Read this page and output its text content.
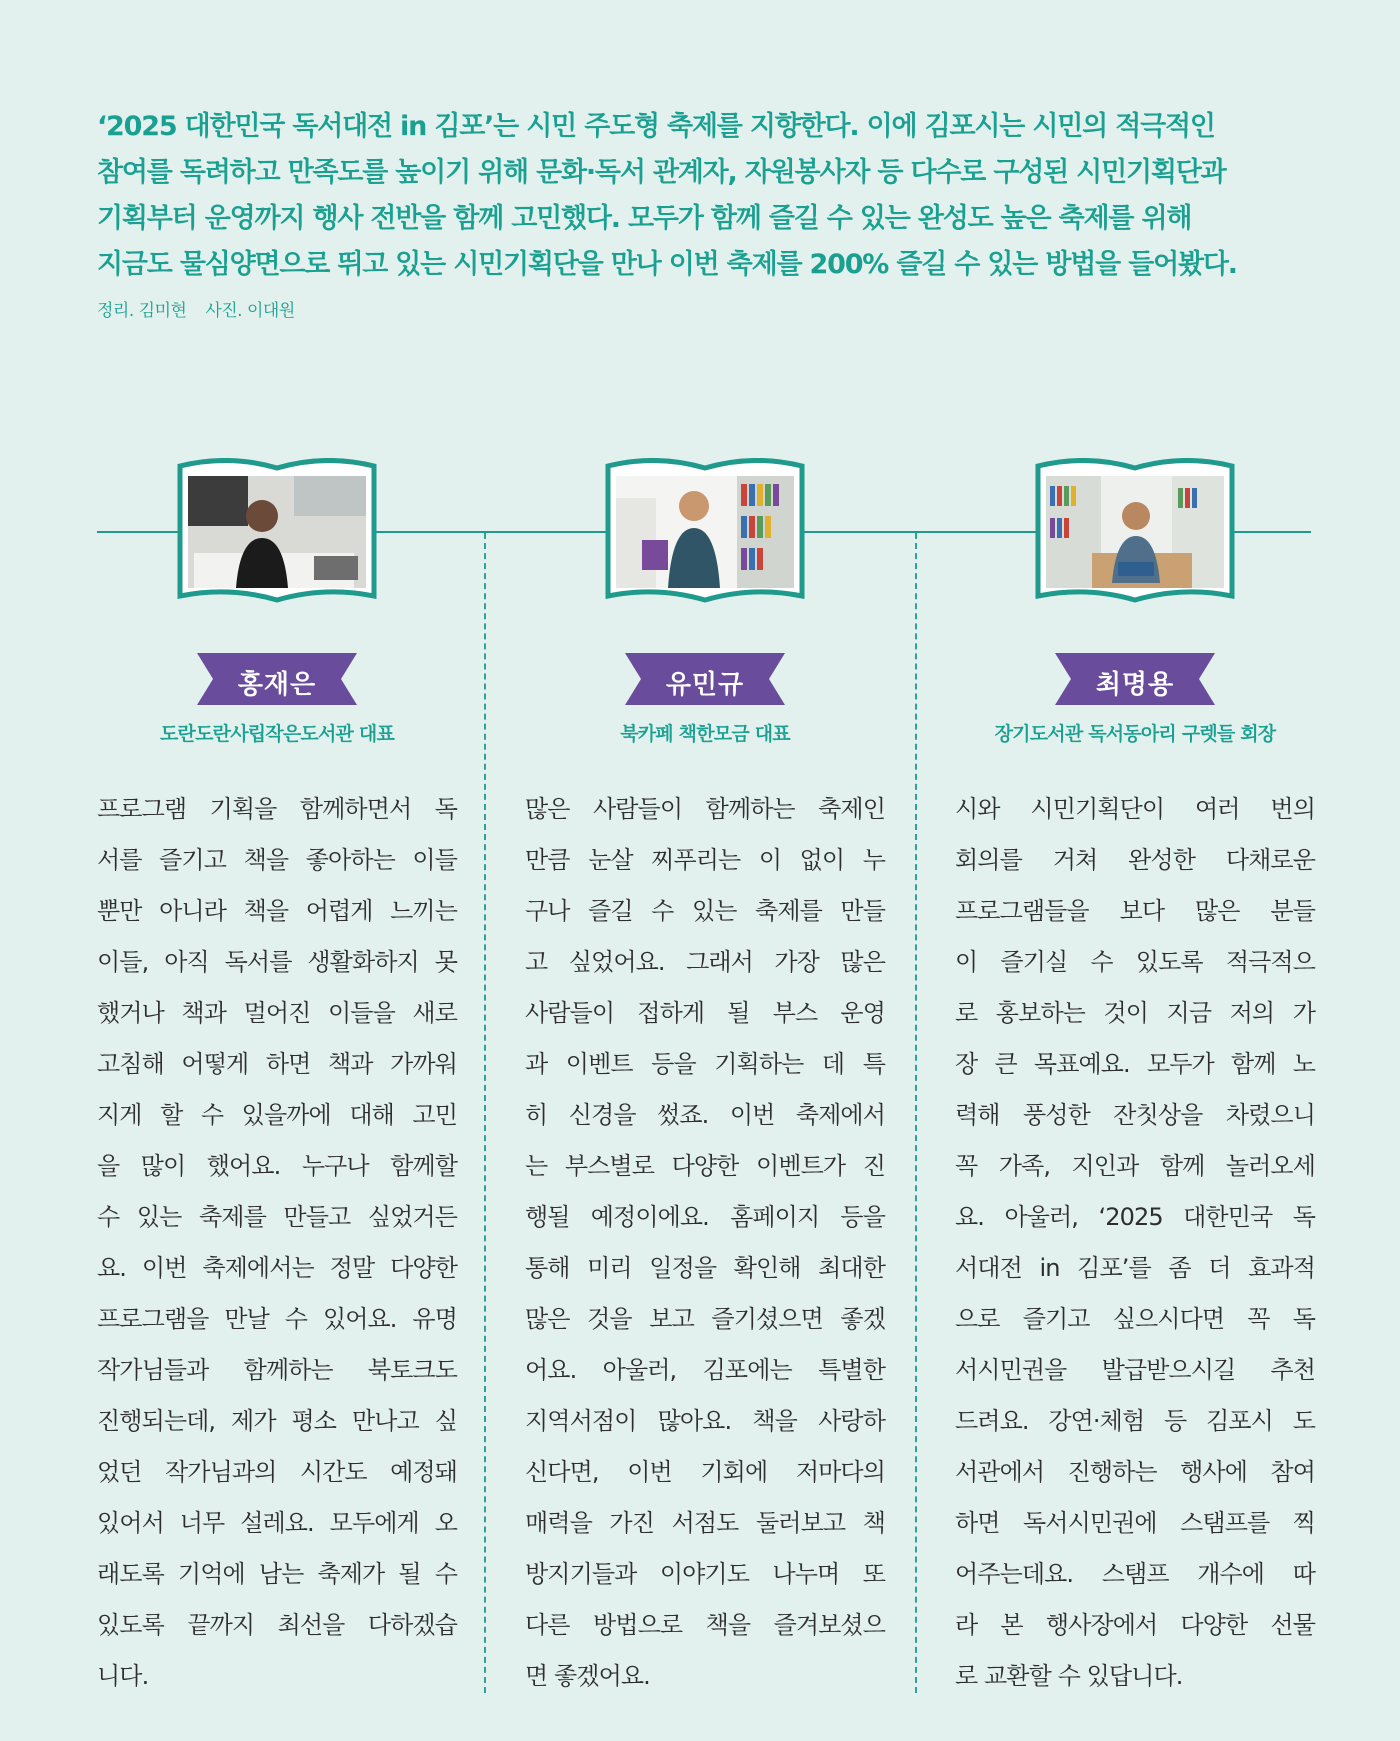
‘2025 대한민국 독서대전 in 김포’는 시민 주도형 축제를 지향한다. 이에 김포시는 시민의 적극적인
참여를 독려하고 만족도를 높이기 위해 문화·독서 관계자, 자원봉사자 등 다수로 구성된 시민기획단과
기획부터 운영까지 행사 전반을 함께 고민했다. 모두가 함께 즐길 수 있는 완성도 높은 축제를 위해
지금도 물심양면으로 뛰고 있는 시민기획단을 만나 이번 축제를 200% 즐길 수 있는 방법을 들어봤다.
정리. 김미현 사진. 이대원
홍재은
도란도란사립작은도서관 대표
프로그램 기획을 함께하면서 독
서를 즐기고 책을 좋아하는 이들
뿐만 아니라 책을 어렵게 느끼는
이들, 아직 독서를 생활화하지 못
했거나 책과 멀어진 이들을 새로
고침해 어떻게 하면 책과 가까워
지게 할 수 있을까에 대해 고민
을 많이 했어요. 누구나 함께할
수 있는 축제를 만들고 싶었거든
요. 이번 축제에서는 정말 다양한
프로그램을 만날 수 있어요. 유명
작가님들과 함께하는 북토크도
진행되는데, 제가 평소 만나고 싶
었던 작가님과의 시간도 예정돼
있어서 너무 설레요. 모두에게 오
래도록 기억에 남는 축제가 될 수
있도록 끝까지 최선을 다하겠습
니다.
유민규
북카페 책한모금 대표
많은 사람들이 함께하는 축제인
만큼 눈살 찌푸리는 이 없이 누
구나 즐길 수 있는 축제를 만들
고 싶었어요. 그래서 가장 많은
사람들이 접하게 될 부스 운영
과 이벤트 등을 기획하는 데 특
히 신경을 썼죠. 이번 축제에서
는 부스별로 다양한 이벤트가 진
행될 예정이에요. 홈페이지 등을
통해 미리 일정을 확인해 최대한
많은 것을 보고 즐기셨으면 좋겠
어요. 아울러, 김포에는 특별한
지역서점이 많아요. 책을 사랑하
신다면, 이번 기회에 저마다의
매력을 가진 서점도 둘러보고 책
방지기들과 이야기도 나누며 또
다른 방법으로 책을 즐겨보셨으
면 좋겠어요.
최명용
장기도서관 독서동아리 구렛들 회장
시와 시민기획단이 여러 번의
회의를 거쳐 완성한 다채로운
프로그램들을 보다 많은 분들
이 즐기실 수 있도록 적극적으
로 홍보하는 것이 지금 저의 가
장 큰 목표예요. 모두가 함께 노
력해 풍성한 잔칫상을 차렸으니
꼭 가족, 지인과 함께 놀러오세
요. 아울러, ‘2025 대한민국 독
서대전 in 김포’를 좀 더 효과적
으로 즐기고 싶으시다면 꼭 독
서시민권을 발급받으시길 추천
드려요. 강연·체험 등 김포시 도
서관에서 진행하는 행사에 참여
하면 독서시민권에 스탬프를 찍
어주는데요. 스탬프 개수에 따
라 본 행사장에서 다양한 선물
로 교환할 수 있답니다.
